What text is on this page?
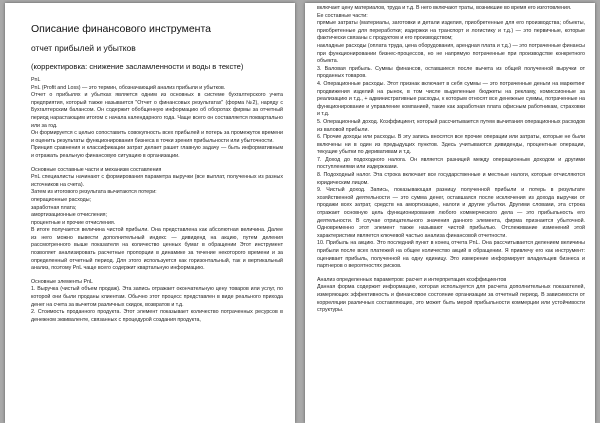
Описание финансового инструмента
отчет прибылей и убытков
(корректировка: снижение засламленности и воды в тексте)

PnL
PnL (Profit and Loss) — это термин, обозначающий анализ прибыли и убытков.
Отчет о прибылях и убытках является одним из основных в системе бухгалтерского учета предприятия, который также называется "Отчет о финансовых результатах" (форма №2), наряду с Бухгалтерским балансом. Он содержит обобщенную информацию об оборотах фирмы за отчетный период нарастающим итогом с начала календарного года. Чаще всего он составляется поквартально или за год.
Он формируется с целью сопоставить совокупность всех прибылей и потерь за промежуток времени и оценить результаты функционирования бизнеса в точки зрения прибыльности или убыточности.
Принцип сравнения и классификации затрат делает рашет главную задачу — быть информативным и отражать реальную финансовую ситуацию в организации.

Основные составные части и механизм составления
PnL специалисты начинают с формирования параметра выручки (все выплат, полученных из разных источников на счета).
Затем из итогового результата вычитаются потери:
операционные расходы;
заработная плата;
амортизационные отчисления;
процентные и прочие отчисления.
В итоге получается величина чистой прибыли. Она представлена как абсолютная величина. Далее из него можно вывести дополнительный индекс — дивиденд на акцию, путем деления рассмотренного выше показателя на количество ценных бумаг в обращении Этот инструмент позволяет анализировать расчетные пропорции в динамике за течение некоторого времени и за определенный отчетный период. Для этого используется как горизонтальный, так и вертикальный анализ, поэтому PnL чаще всего содержит квартальную информацию.

Основные элементы PnL
1. Выручка (чистый объем продаж). Эта запись отражает окончательную цену товаров или услуг, по которой они были проданы клиентам. Обычно этот процесс представлен в виде реального прихода денег на счета за вычетом различных скидок, возвратов и т.д.
2. Стоимость проданного продукта. Этот элемент показывает количество потраченных ресурсов в денежном эквиваленте, связанных с процедурой создания продукта,

включает цену материалов, труда и т.д. В него включают траты, возникшие во время его изготовления.
Ее составные части:
прямые затраты (материалы, заготовки и детали изделия, приобретенные для его производства; объекты, приобретенные для переработки; издержки на транспорт и логистику и т.д.) — это первичные, которые фактически связаны с продуктом и его производством;
накладные расходы (оплата труда, цена оборудования, арендная плата и т.д.) — это потраченные финансы при функционировании бизнес-процессов, но не напрямую потраченные при производстве конкретного объекта.
3. Валовая прибыль. Суммы финансов, оставшиеся после вычета из общей полученной выручки от проданных товаров.
4. Операционные расходы. Этот признак включает в себя суммы — это потраченные деньги на маркетинг продвижения изделий на рынок, в том числе выделенные бюджеты на рекламу, комиссионные за реализацию и т.д., + административные расходы, к которым относят все денежные суммы, потраченные на функционирование и управление компанией, такие как заработная плата офисным работникам, страховки и т.д.
5. Операционный доход. Коэффициент, который рассчитывается путем вычитания операционных расходов из валовой прибыли.
6. Прочие доходы или расходы. В эту запись вносятся все прочие операции или затраты, которые не были включены ни в один из предыдущих пунктов. Здесь учитываются дивиденды, процентные операции, текущие убытки по деривативам и т.д.
7. Доход до подоходного налога. Он является разницей между операционным доходом и другими поступлениями или издержками.
8. Подоходный налог. Эта строка включает все государственные и местные налоги, которые отчисляются юридическим лицом.
9. Чистый доход. Запись, показывающая разницу полученной прибыли и потерь в результате хозяйственной деятельности — это сумма денег, оставшаяся после исключения из дохода выручки от продажи всех затрат, средств на амортизацию, налоги и другие убытки. Другими словами, эта строка отражает основную цель функционирования любого коммерческого дела — это прибыльность его деятельности. В случае отрицательного значения данного элемента, фирма признается убыточной. Одновременно этот элемент также называют чистой прибылью. Отслеживание изменений этой характеристики является ключевой частью анализа финансовой отчетности.
10. Прибыль на акцию. Это последний пункт в конец отчета PnL. Она рассчитывается делением величины прибыли после всех платежей на общее количество акций в обращении. Я привлечу его как инструмент: оценивает прибыль, полученной на одну единицу. Это измерение информирует владельцев бизнеса и партнеров о вероятностях рисков.

Анализ определенных параметров: расчет и интерпретация коэффициентов
Данная форма содержит информацию, которая используется для расчета дополнительных показателей, измеряющих эффективность и финансовое состояние организации за отчетный период. В зависимости от корреляции различных составляющих, это может быть мерой прибыльности коммерции или устойчивости структуры.
